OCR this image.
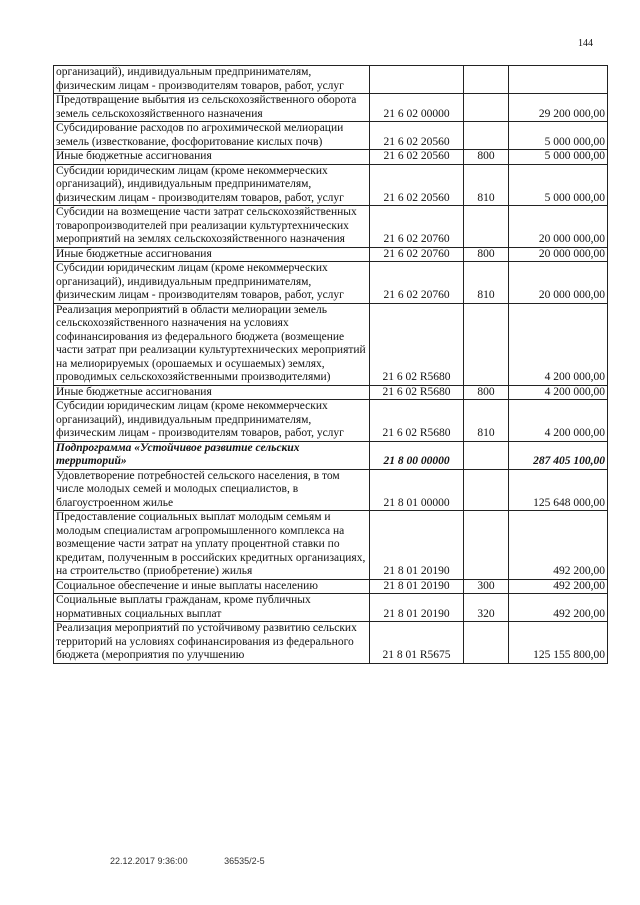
144
организаций), индивидуальным предпринимателям, физическим лицам - производителям товаров, работ, услуг			
Предотвращение выбытия из сельскохозяйственного оборота земель сельскохозяйственного назначения	21 6 02 00000		29 200 000,00
Субсидирование расходов по агрохимической мелиорации земель (известкование, фосфоритование кислых почв)	21 6 02 20560		5 000 000,00
Иные бюджетные ассигнования	21 6 02 20560	800	5 000 000,00
Субсидии юридическим лицам (кроме некоммерческих организаций), индивидуальным предпринимателям, физическим лицам - производителям товаров, работ, услуг	21 6 02 20560	810	5 000 000,00
Субсидии на возмещение части затрат сельскохозяйственных товаропроизводителей при реализации культуртехнических мероприятий на землях сельскохозяйственного назначения	21 6 02 20760		20 000 000,00
Иные бюджетные ассигнования	21 6 02 20760	800	20 000 000,00
Субсидии юридическим лицам (кроме некоммерческих организаций), индивидуальным предпринимателям, физическим лицам - производителям товаров, работ, услуг	21 6 02 20760	810	20 000 000,00
Реализация мероприятий в области мелиорации земель сельскохозяйственного назначения на условиях софинансирования из федерального бюджета (возмещение части затрат при реализации культуртехнических мероприятий на мелиорируемых (орошаемых и осушаемых) землях, проводимых сельскохозяйственными производителями)	21 6 02 R5680		4 200 000,00
Иные бюджетные ассигнования	21 6 02 R5680	800	4 200 000,00
Субсидии юридическим лицам (кроме некоммерческих организаций), индивидуальным предпринимателям, физическим лицам - производителям товаров, работ, услуг	21 6 02 R5680	810	4 200 000,00
Подпрограмма «Устойчивое развитие сельских территорий»	21 8 00 00000		287 405 100,00
Удовлетворение потребностей сельского населения, в том числе молодых семей и молодых специалистов, в благоустроенном жилье	21 8 01 00000		125 648 000,00
Предоставление социальных выплат молодым семьям и молодым специалистам агропромышленного комплекса на возмещение части затрат на уплату процентной ставки по кредитам, полученным в российских кредитных организациях, на строительство (приобретение) жилья	21 8 01 20190		492 200,00
Социальное обеспечение и иные выплаты населению	21 8 01 20190	300	492 200,00
Социальные выплаты гражданам, кроме публичных нормативных социальных выплат	21 8 01 20190	320	492 200,00
Реализация мероприятий по устойчивому развитию сельских территорий на условиях софинансирования из федерального бюджета (мероприятия по улучшению	21 8 01 R5675		125 155 800,00
22.12.2017 9:36:00	36535/2-5
